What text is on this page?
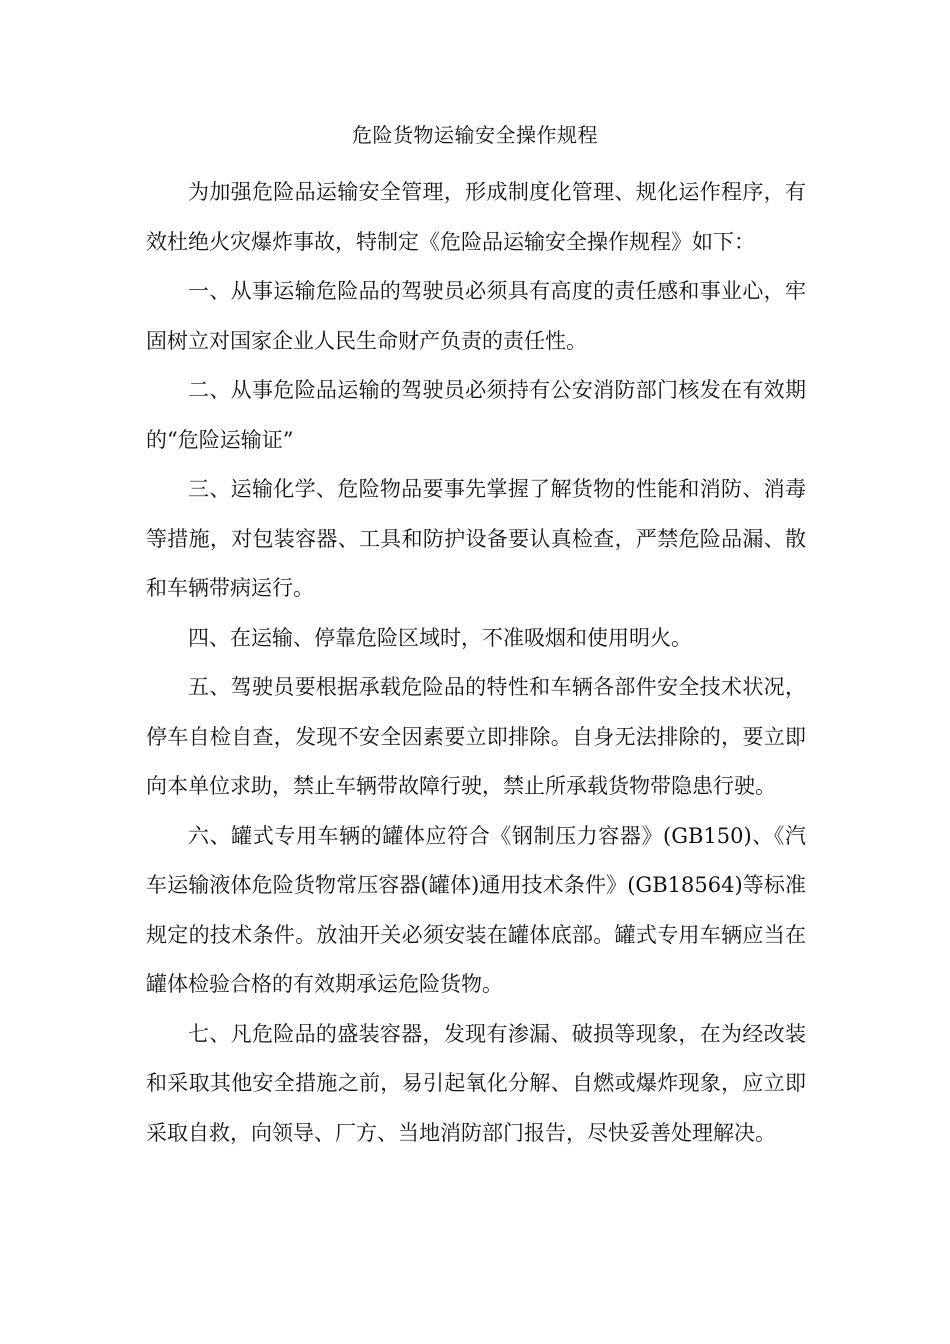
危险货物运输安全操作规程

为加强危险品运输安全管理，形成制度化管理、规化运作程序，有效杜绝火灾爆炸事故，特制定《危险品运输安全操作规程》如下：

一、从事运输危险品的驾驶员必须具有高度的责任感和事业心，牢固树立对国家企业人民生命财产负责的责任性。

二、从事危险品运输的驾驶员必须持有公安消防部门核发在有效期的“危险运输证”

三、运输化学、危险物品要事先掌握了解货物的性能和消防、消毒等措施，对包装容器、工具和防护设备要认真检查，严禁危险品漏、散和车辆带病运行。

四、在运输、停靠危险区域时，不准吸烟和使用明火。

五、驾驶员要根据承载危险品的特性和车辆各部件安全技术状况，停车自检自查，发现不安全因素要立即排除。自身无法排除的，要立即向本单位求助，禁止车辆带故障行驶，禁止所承载货物带隐患行驶。

六、罐式专用车辆的罐体应符合《钢制压力容器》(GB150)、《汽车运输液体危险货物常压容器(罐体)通用技术条件》(GB18564)等标准规定的技术条件。放油开关必须安装在罐体底部。罐式专用车辆应当在罐体检验合格的有效期承运危险货物。

七、凡危险品的盛装容器，发现有渗漏、破损等现象，在为经改装和采取其他安全措施之前，易引起氧化分解、自燃或爆炸现象，应立即采取自救，向领导、厂方、当地消防部门报告，尽快妥善处理解决。
